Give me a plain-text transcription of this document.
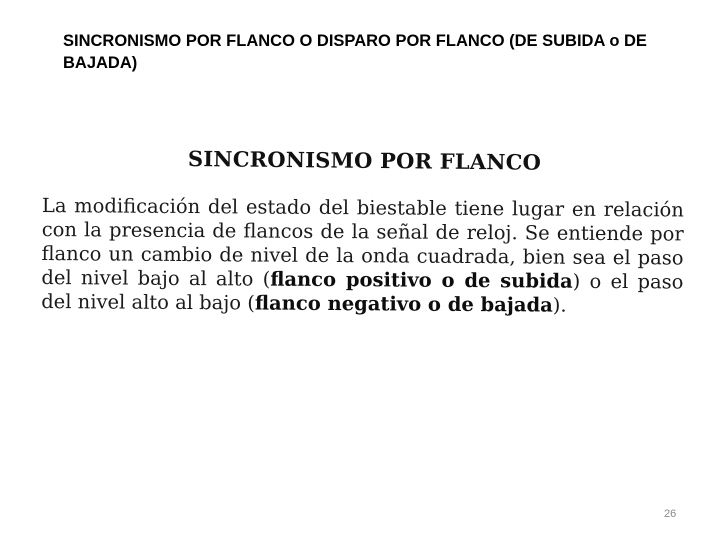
SINCRONISMO POR FLANCO O DISPARO POR FLANCO (DE SUBIDA o DE BAJADA)

SINCRONISMO POR FLANCO
La modificación del estado del biestable tiene lugar en relación
con la presencia de flancos de la señal de reloj. Se entiende por
flanco un cambio de nivel de la onda cuadrada, bien sea el paso
del nivel bajo al alto (flanco positivo o de subida) o el paso
del nivel alto al bajo (flanco negativo o de bajada).
26
